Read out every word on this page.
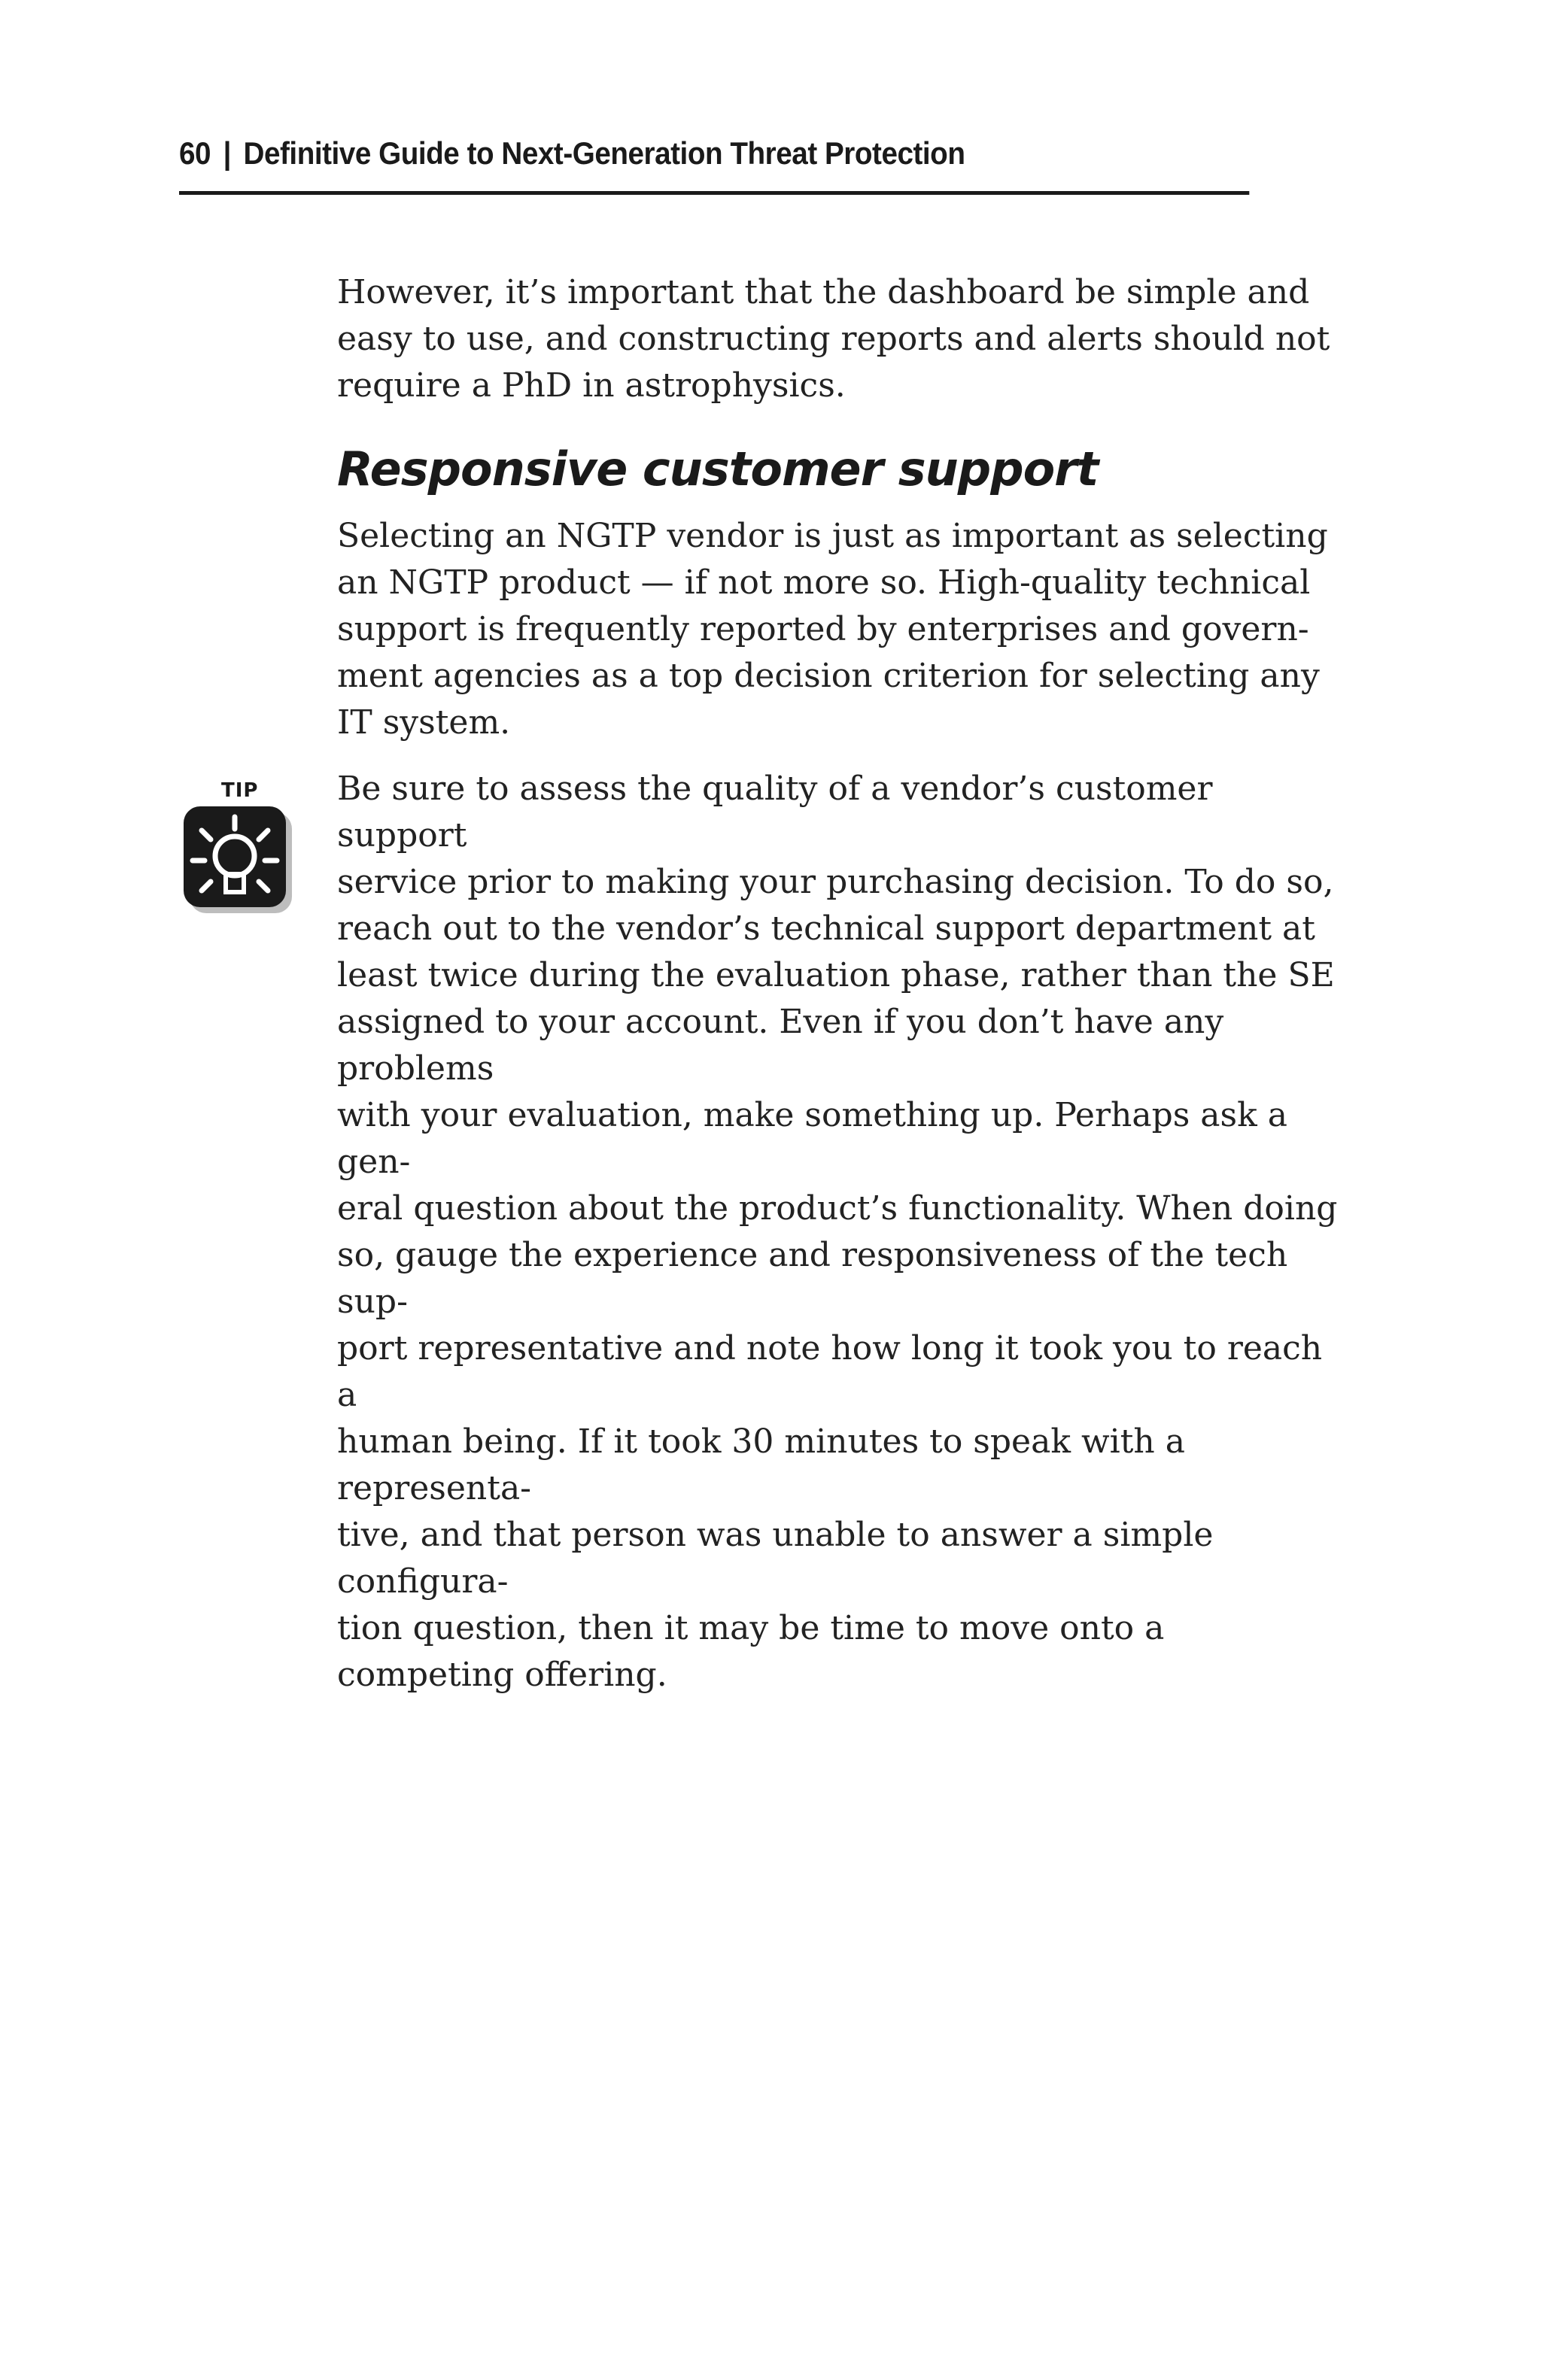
60 | Definitive Guide to Next-Generation Threat Protection

However, it’s important that the dashboard be simple and
easy to use, and constructing reports and alerts should not
require a PhD in astrophysics.

Responsive customer support

Selecting an NGTP vendor is just as important as selecting
an NGTP product — if not more so. High-quality technical
support is frequently reported by enterprises and govern-
ment agencies as a top decision criterion for selecting any
IT system.

Be sure to assess the quality of a vendor’s customer support
service prior to making your purchasing decision. To do so,
reach out to the vendor’s technical support department at
least twice during the evaluation phase, rather than the SE
assigned to your account. Even if you don’t have any problems
with your evaluation, make something up. Perhaps ask a gen-
eral question about the product’s functionality. When doing
so, gauge the experience and responsiveness of the tech sup-
port representative and note how long it took you to reach a
human being. If it took 30 minutes to speak with a representa-
tive, and that person was unable to answer a simple configura-
tion question, then it may be time to move onto a
competing offering.

TIP
